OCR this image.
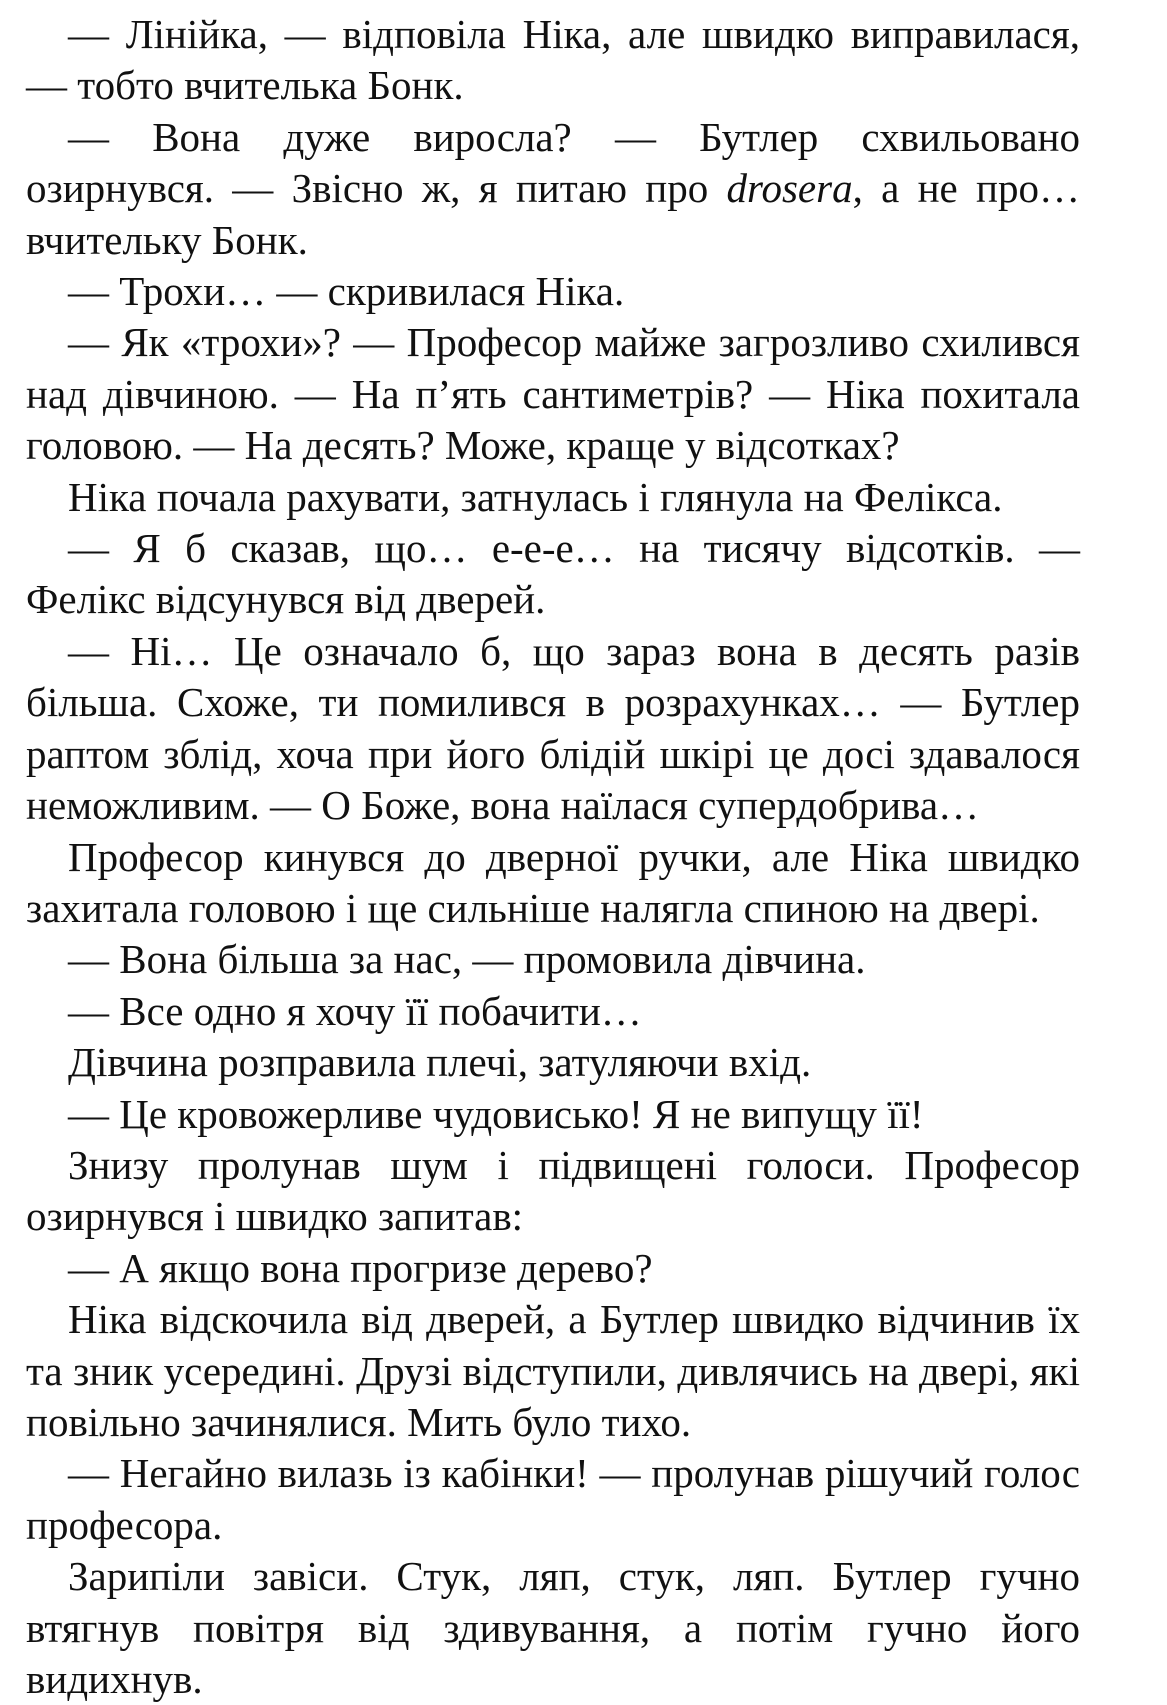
— Лінійка, — відповіла Ніка, але швидко виправилася, — тобто вчителька Бонк.

— Вона дуже виросла? — Бутлер схвильовано озирнувся. — Звісно ж, я питаю про drosera, а не про… вчительку Бонк.

— Трохи… — скривилася Ніка.

— Як «трохи»? — Професор майже загрозливо схилився над дівчиною. — На п’ять сантиметрів? — Ніка похитала головою. — На десять? Може, краще у відсотках?

Ніка почала рахувати, затнулась і глянула на Фелікса.

— Я б сказав, що… е-е-е… на тисячу відсотків. — Фелікс відсунувся від дверей.

— Ні… Це означало б, що зараз вона в десять разів більша. Схоже, ти помилився в розрахунках… — Бутлер раптом зблід, хоча при його блідій шкірі це досі здавалося неможливим. — О Боже, вона наїлася супердобрива…

Професор кинувся до дверної ручки, але Ніка швидко захитала головою і ще сильніше налягла спиною на двері.

— Вона більша за нас, — промовила дівчина.

— Все одно я хочу її побачити…

Дівчина розправила плечі, затуляючи вхід.

— Це кровожерливе чудовисько! Я не випущу її!

Знизу пролунав шум і підвищені голоси. Професор озирнувся і швидко запитав:

— А якщо вона прогризе дерево?

Ніка відскочила від дверей, а Бутлер швидко відчинив їх та зник усередині. Друзі відступили, дивлячись на двері, які повільно зачинялися. Мить було тихо.

— Негайно вилазь із кабінки! — пролунав рішучий голос професора.

Зарипіли завіси. Стук, ляп, стук, ляп. Бутлер гучно втягнув повітря від здивування, а потім гучно його видихнув.
